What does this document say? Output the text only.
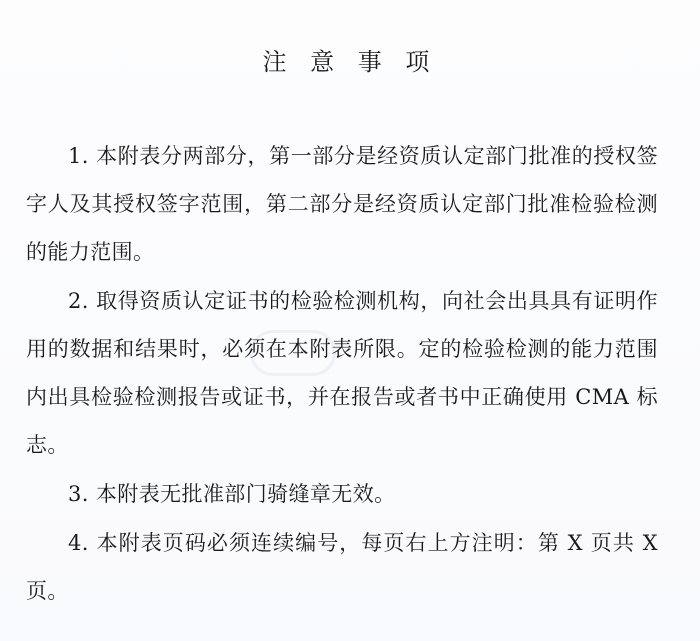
注 意 事 项

1. 本附表分两部分，第一部分是经资质认定部门批准的授权签字人及其授权签字范围，第二部分是经资质认定部门批准检验检测的能力范围。

2. 取得资质认定证书的检验检测机构，向社会出具具有证明作用的数据和结果时，必须在本附表所限。定的检验检测的能力范围内出具检验检测报告或证书，并在报告或者书中正确使用 CMA 标志。

3. 本附表无批准部门骑缝章无效。

4. 本附表页码必须连续编号，每页右上方注明：第 X 页共 X 页。
